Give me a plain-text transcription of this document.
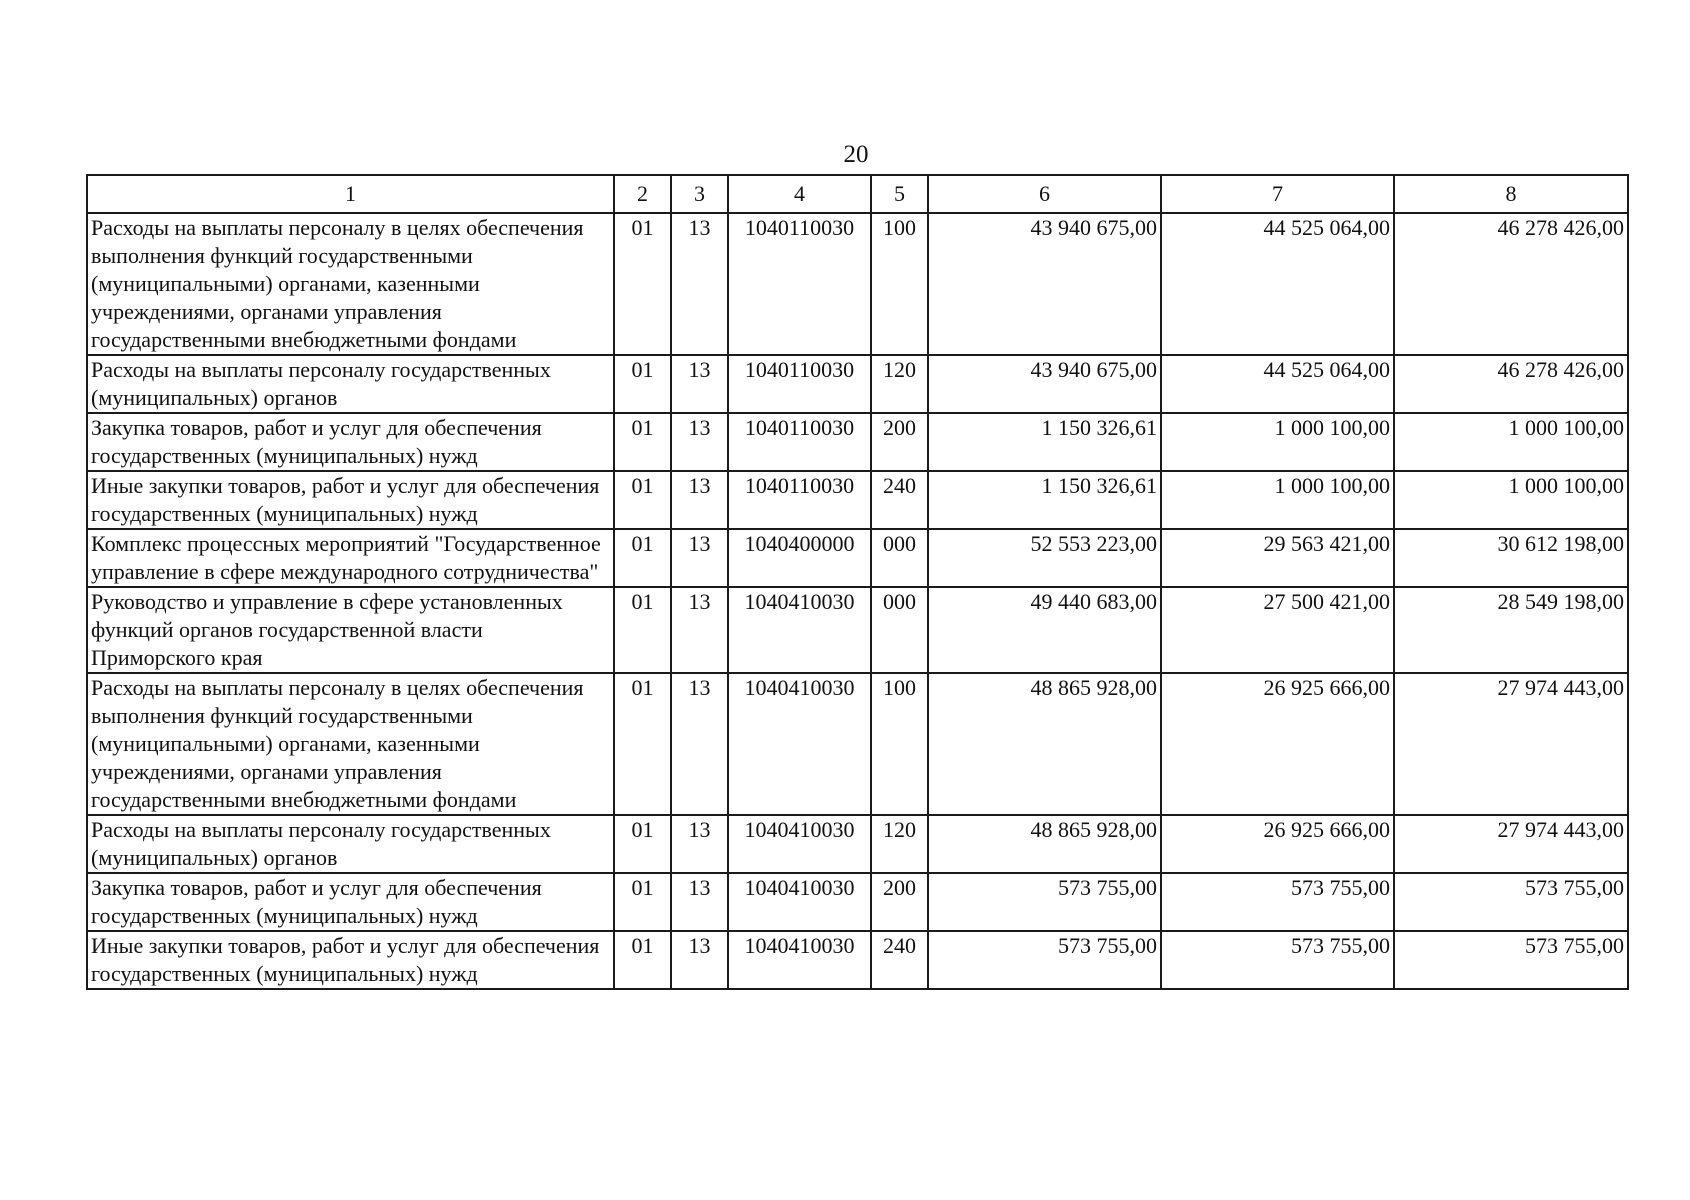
20
1	2	3	4	5	6	7	8
Расходы на выплаты персоналу в целях обеспечения выполнения функций государственными (муниципальными) органами, казенными учреждениями, органами управления государственными внебюджетными фондами	01	13	1040110030	100	43 940 675,00	44 525 064,00	46 278 426,00
Расходы на выплаты персоналу государственных (муниципальных) органов	01	13	1040110030	120	43 940 675,00	44 525 064,00	46 278 426,00
Закупка товаров, работ и услуг для обеспечения государственных (муниципальных) нужд	01	13	1040110030	200	1 150 326,61	1 000 100,00	1 000 100,00
Иные закупки товаров, работ и услуг для обеспечения государственных (муниципальных) нужд	01	13	1040110030	240	1 150 326,61	1 000 100,00	1 000 100,00
Комплекс процессных мероприятий "Государственное управление в сфере международного сотрудничества"	01	13	1040400000	000	52 553 223,00	29 563 421,00	30 612 198,00
Руководство и управление в сфере установленных функций органов государственной власти Приморского края	01	13	1040410030	000	49 440 683,00	27 500 421,00	28 549 198,00
Расходы на выплаты персоналу в целях обеспечения выполнения функций государственными (муниципальными) органами, казенными учреждениями, органами управления государственными внебюджетными фондами	01	13	1040410030	100	48 865 928,00	26 925 666,00	27 974 443,00
Расходы на выплаты персоналу государственных (муниципальных) органов	01	13	1040410030	120	48 865 928,00	26 925 666,00	27 974 443,00
Закупка товаров, работ и услуг для обеспечения государственных (муниципальных) нужд	01	13	1040410030	200	573 755,00	573 755,00	573 755,00
Иные закупки товаров, работ и услуг для обеспечения государственных (муниципальных) нужд	01	13	1040410030	240	573 755,00	573 755,00	573 755,00
